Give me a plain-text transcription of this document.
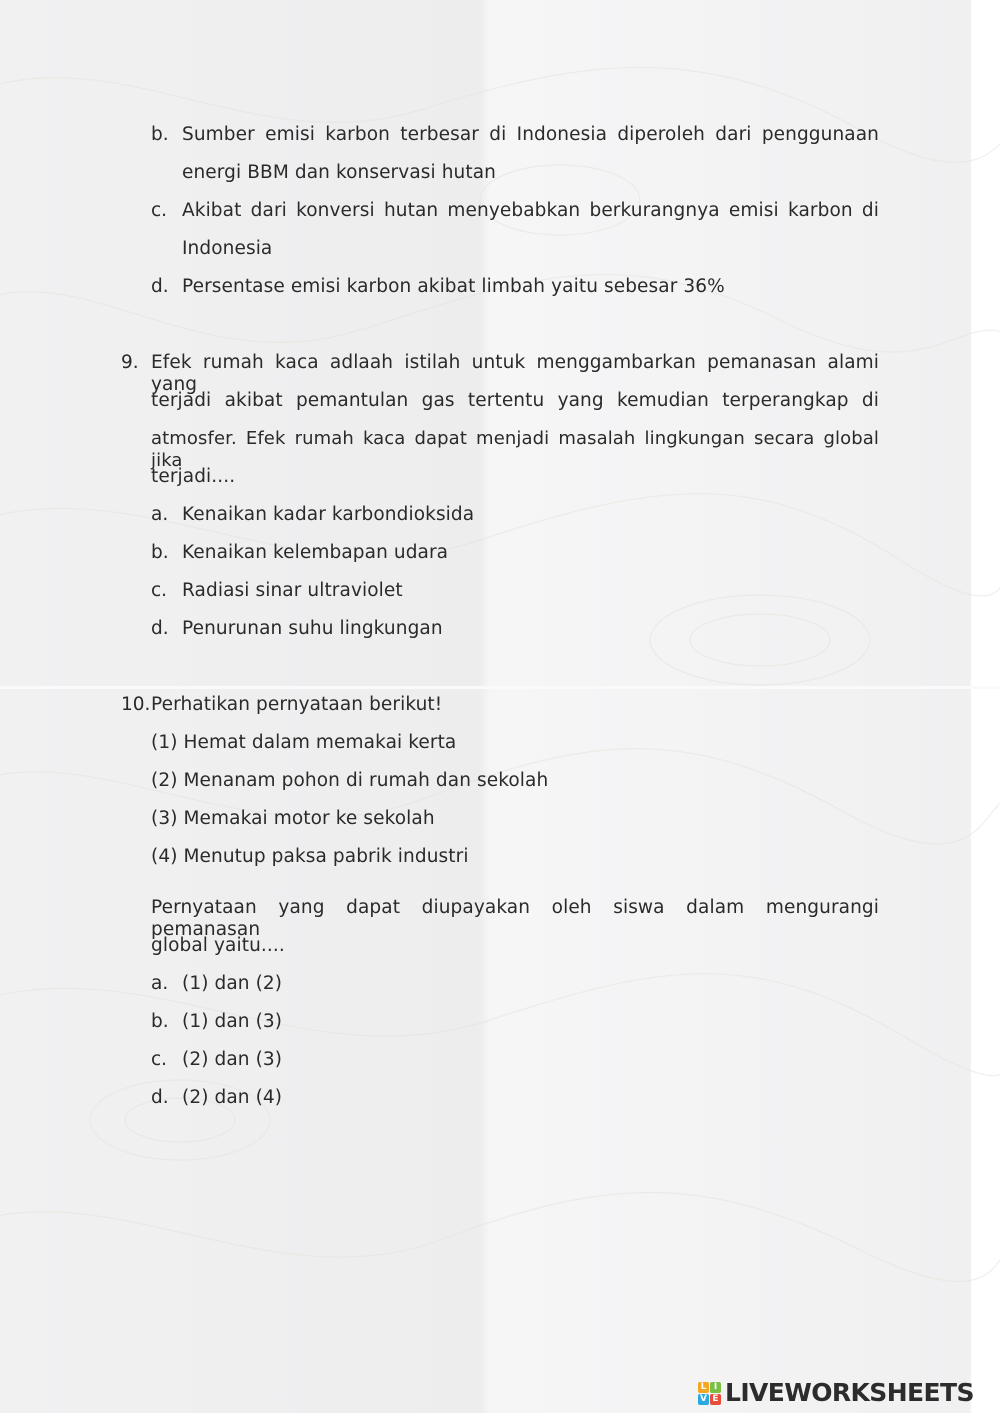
b. Sumber emisi karbon terbesar di Indonesia diperoleh dari penggunaan
energi BBM dan konservasi hutan
c. Akibat dari konversi hutan menyebabkan berkurangnya emisi karbon di
Indonesia
d. Persentase emisi karbon akibat limbah yaitu sebesar 36%
9. Efek rumah kaca adlaah istilah untuk menggambarkan pemanasan alami yang
terjadi akibat pemantulan gas tertentu yang kemudian terperangkap di
atmosfer. Efek rumah kaca dapat menjadi masalah lingkungan secara global jika
terjadi....
a. Kenaikan kadar karbondioksida
b. Kenaikan kelembapan udara
c. Radiasi sinar ultraviolet
d. Penurunan suhu lingkungan
10. Perhatikan pernyataan berikut!
(1) Hemat dalam memakai kerta
(2) Menanam pohon di rumah dan sekolah
(3) Memakai motor ke sekolah
(4) Menutup paksa pabrik industri
Pernyataan yang dapat diupayakan oleh siswa dalam mengurangi pemanasan
global yaitu....
a. (1) dan (2)
b. (1) dan (3)
c. (2) dan (3)
d. (2) dan (4)
L I
V E LIVEWORKSHEETS
